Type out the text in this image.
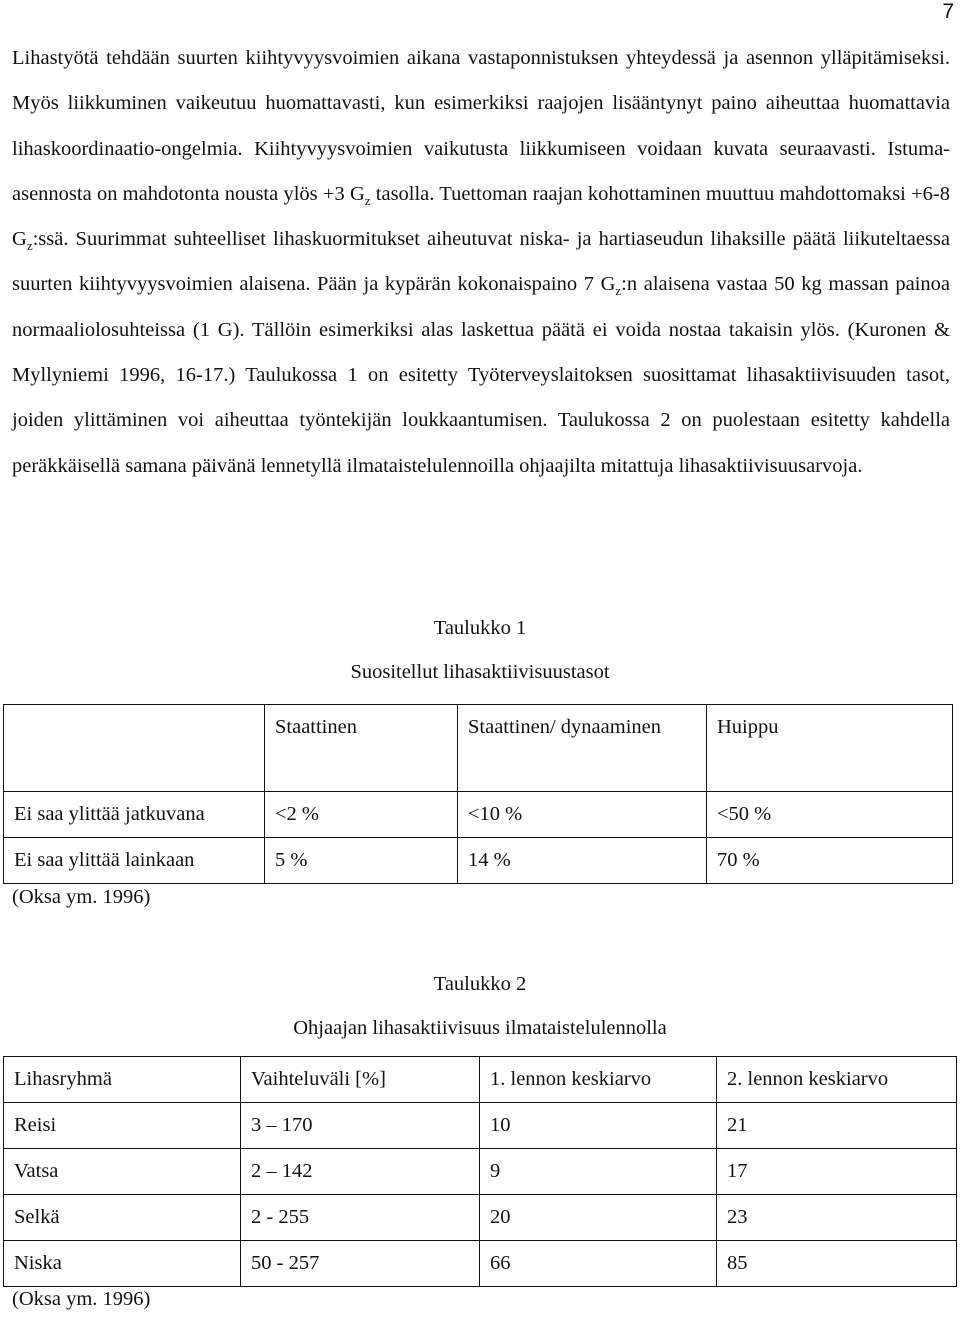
7

Lihastyötä tehdään suurten kiihtyvyysvoimien aikana vastaponnistuksen yhteydessä ja asennon ylläpitämiseksi. Myös liikkuminen vaikeutuu huomattavasti, kun esimerkiksi raajojen lisääntynyt paino aiheuttaa huomattavia lihaskoordinaatio-ongelmia. Kiihtyvyysvoimien vaikutusta liikkumiseen voidaan kuvata seuraavasti. Istuma-asennosta on mahdotonta nousta ylös +3 $G_z$ tasolla. Tuettoman raajan kohottaminen muuttuu mahdottomaksi +6-8 $G_z:ssä$. Suurimmat suhteelliset lihaskuormitukset aiheutuvat niska- ja hartiaseudun lihaksille päätä liikuteltaessa suurten kiihtyvyysvoimien alaisena. Pään ja kypärän kokonaispaino 7 $G_z:n$ alaisena vastaa 50 kg massan painoa normaaliolosuhteissa (1 G). Tällöin esimerkiksi alas laskettua päätä ei voida nostaa takaisin ylös. (Kuronen & Myllyniemi 1996, 16-17.) Taulukossa 1 on esitetty Työterveyslaitoksen suosittamat lihasaktiivisuuden tasot, joiden ylittäminen voi aiheuttaa työntekijän loukkaantumisen. Taulukossa 2 on puolestaan esitetty kahdella peräkkäisellä samana päivänä lennetyllä ilmataistelulennoilla ohjaajilta mitattuja lihasaktiivisuusarvoja.

Taulukko 1
Suositellut lihasaktiivisuustasot
	Staattinen	Staattinen/ dynaaminen	Huippu
Ei saa ylittää jatkuvana	<2 %	<10 %	<50 %
Ei saa ylittää lainkaan	5 %	14 %	70 %
(Oksa ym. 1996)
Taulukko 2
Ohjaajan lihasaktiivisuus ilmataistelulennolla
Lihasryhmä	Vaihteluväli [%]	1. lennon keskiarvo	2. lennon keskiarvo
Reisi	3 – 170	10	21
Vatsa	2 – 142	9	17
Selkä	2 - 255	20	23
Niska	50 - 257	66	85
(Oksa ym. 1996)
